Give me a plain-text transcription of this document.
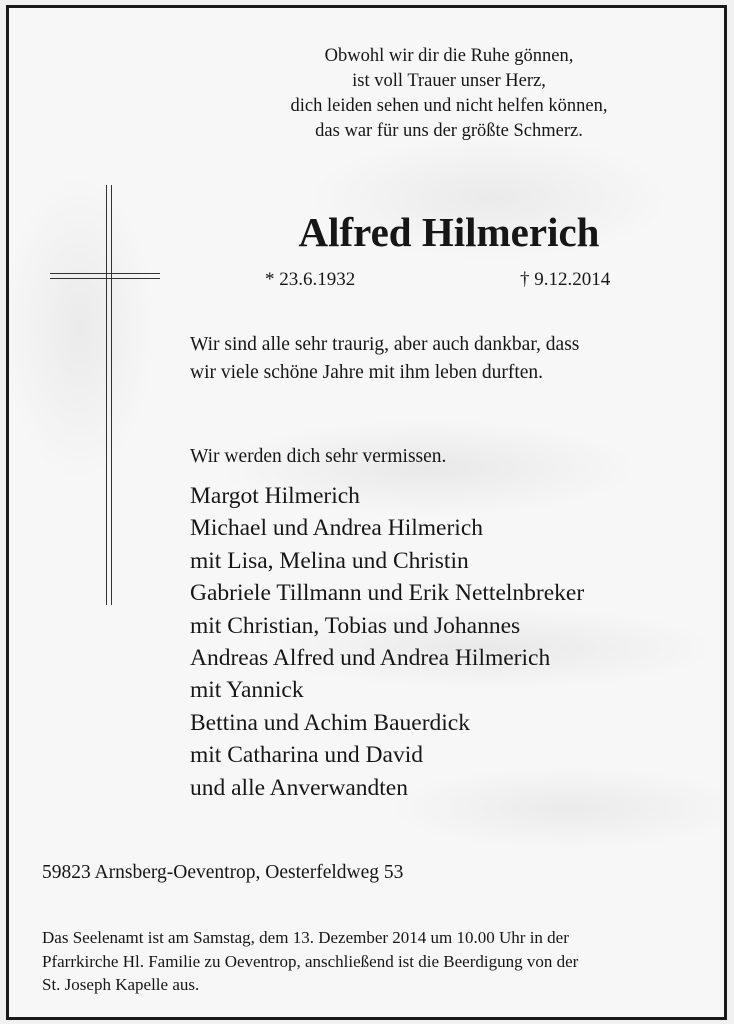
Obwohl wir dir die Ruhe gönnen,
ist voll Trauer unser Herz,
dich leiden sehen und nicht helfen können,
das war für uns der größte Schmerz.
Alfred Hilmerich
* 23.6.1932	† 9.12.2014
Wir sind alle sehr traurig, aber auch dankbar, dass
wir viele schöne Jahre mit ihm leben durften.
Wir werden dich sehr vermissen.
Margot Hilmerich
Michael und Andrea Hilmerich
mit Lisa, Melina und Christin
Gabriele Tillmann und Erik Nettelnbreker
mit Christian, Tobias und Johannes
Andreas Alfred und Andrea Hilmerich
mit Yannick
Bettina und Achim Bauerdick
mit Catharina und David
und alle Anverwandten
59823 Arnsberg-Oeventrop, Oesterfeldweg 53
Das Seelenamt ist am Samstag, dem 13. Dezember 2014 um 10.00 Uhr in der
Pfarrkirche Hl. Familie zu Oeventrop, anschließend ist die Beerdigung von der
St. Joseph Kapelle aus.
